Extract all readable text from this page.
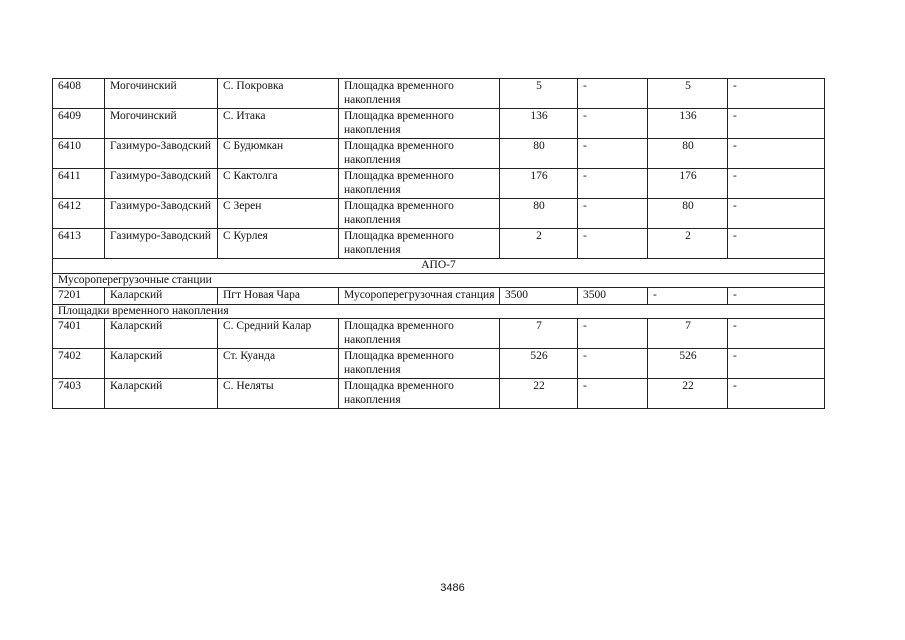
6408	Могочинский	С. Покровка	Площадка временного накопления	5	-	5	-
6409	Могочинский	С. Итака	Площадка временного накопления	136	-	136	-
6410	Газимуро-Заводский	С Будюмкан	Площадка временного накопления	80	-	80	-
6411	Газимуро-Заводский	С Кактолга	Площадка временного накопления	176	-	176	-
6412	Газимуро-Заводский	С Зерен	Площадка временного накопления	80	-	80	-
6413	Газимуро-Заводский	С Курлея	Площадка временного накопления	2	-	2	-
АПО-7							
Мусороперегрузочные станции							
7201	Каларский	Пгт Новая Чара	Мусороперегрузочная станция	3500	3500	-	-
Площадки временного накопления							
7401	Каларский	С. Средний Калар	Площадка временного накопления	7	-	7	-
7402	Каларский	Ст. Куанда	Площадка временного накопления	526	-	526	-
7403	Каларский	С. Неляты	Площадка временного накопления	22	-	22	-
3486
